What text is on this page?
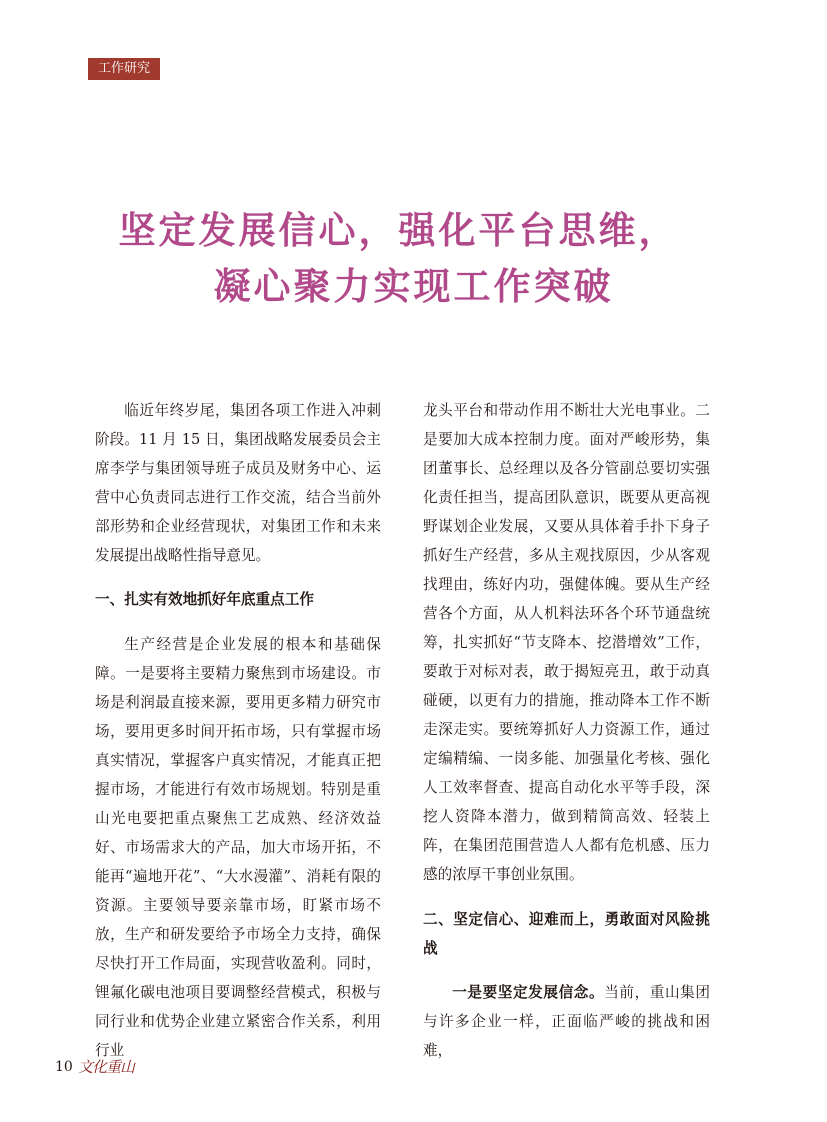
工作研究
坚定发展信心，强化平台思维，
凝心聚力实现工作突破

临近年终岁尾，集团各项工作进入冲刺阶段。11 月 15 日，集团战略发展委员会主席李学与集团领导班子成员及财务中心、运营中心负责同志进行工作交流，结合当前外部形势和企业经营现状，对集团工作和未来发展提出战略性指导意见。

一、扎实有效地抓好年底重点工作

生产经营是企业发展的根本和基础保障。一是要将主要精力聚焦到市场建设。市场是利润最直接来源，要用更多精力研究市场，要用更多时间开拓市场，只有掌握市场真实情况，掌握客户真实情况，才能真正把握市场，才能进行有效市场规划。特别是重山光电要把重点聚焦工艺成熟、经济效益好、市场需求大的产品，加大市场开拓，不能再“遍地开花”、“大水漫灌”、消耗有限的资源。主要领导要亲靠市场，盯紧市场不放，生产和研发要给予市场全力支持，确保尽快打开工作局面，实现营收盈利。同时，锂氟化碳电池项目要调整经营模式，积极与同行业和优势企业建立紧密合作关系，利用行业

龙头平台和带动作用不断壮大光电事业。二是要加大成本控制力度。面对严峻形势，集团董事长、总经理以及各分管副总要切实强化责任担当，提高团队意识，既要从更高视野谋划企业发展，又要从具体着手扑下身子抓好生产经营，多从主观找原因，少从客观找理由，练好内功，强健体魄。要从生产经营各个方面，从人机料法环各个环节通盘统筹，扎实抓好“节支降本、挖潜增效”工作，要敢于对标对表，敢于揭短亮丑，敢于动真碰硬，以更有力的措施，推动降本工作不断走深走实。要统筹抓好人力资源工作，通过定编精编、一岗多能、加强量化考核、强化人工效率督查、提高自动化水平等手段，深挖人资降本潜力，做到精简高效、轻装上阵，在集团范围营造人人都有危机感、压力感的浓厚干事创业氛围。

二、坚定信心、迎难而上，勇敢面对风险挑战

一是要坚定发展信念。当前，重山集团与许多企业一样，正面临严峻的挑战和困难，

10 文化重山
